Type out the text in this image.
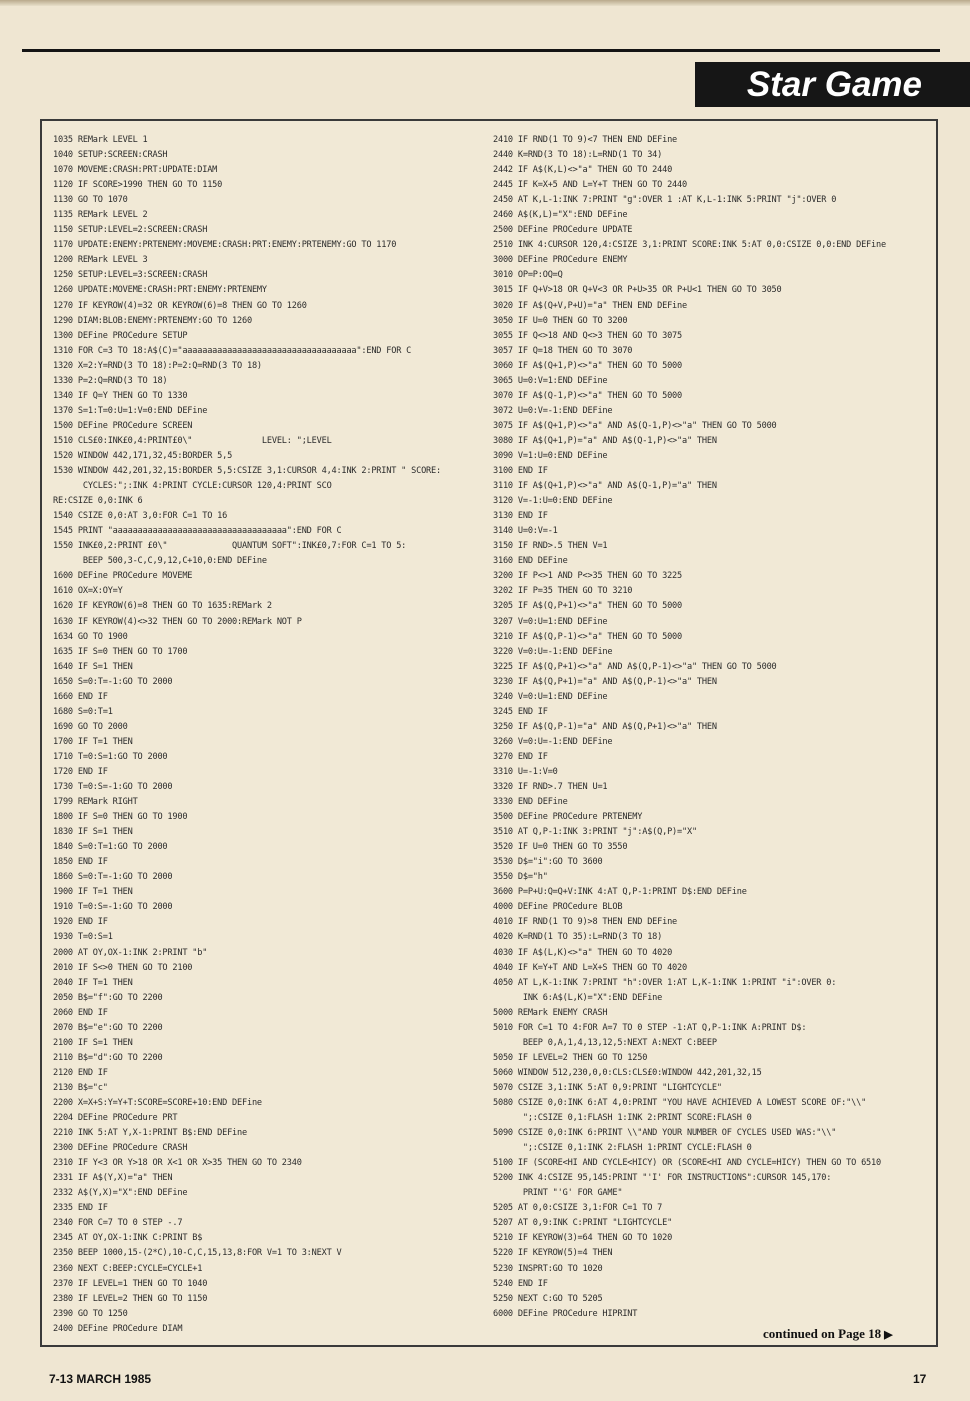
Star Game
1035 REMark LEVEL 1
1040 SETUP:SCREEN:CRASH
1070 MOVEME:CRASH:PRT:UPDATE:DIAM
1120 IF SCORE>1990 THEN GO TO 1150
1130 GO TO 1070
1135 REMark LEVEL 2
1150 SETUP:LEVEL=2:SCREEN:CRASH
1170 UPDATE:ENEMY:PRTENEMY:MOVEME:CRASH:PRT:ENEMY:PRTENEMY:GO TO 1170
1200 REMark LEVEL 3
1250 SETUP:LEVEL=3:SCREEN:CRASH
1260 UPDATE:MOVEME:CRASH:PRT:ENEMY:PRTENEMY
1270 IF KEYROW(4)=32 OR KEYROW(6)=8 THEN GO TO 1260
1290 DIAM:BLOB:ENEMY:PRTENEMY:GO TO 1260
1300 DEFine PROCedure SETUP
1310 FOR C=3 TO 18:A$(C)="aaaaaaaaaaaaaaaaaaaaaaaaaaaaaaaaaaa":END FOR C
1320 X=2:Y=RND(3 TO 18):P=2:Q=RND(3 TO 18)
1330 P=2:Q=RND(3 TO 18)
1340 IF Q=Y THEN GO TO 1330
1370 S=1:T=0:U=1:V=0:END DEFine
1500 DEFine PROCedure SCREEN
1510 CLS£0:INK£0,4:PRINT£0\"              LEVEL: ";LEVEL
1520 WINDOW 442,171,32,45:BORDER 5,5
1530 WINDOW 442,201,32,15:BORDER 5,5:CSIZE 3,1:CURSOR 4,4:INK 2:PRINT " SCORE:
CYCLES:";:INK 4:PRINT CYCLE:CURSOR 120,4:PRINT SCO
RE:CSIZE 0,0:INK 6
1540 CSIZE 0,0:AT 3,0:FOR C=1 TO 16
1545 PRINT "aaaaaaaaaaaaaaaaaaaaaaaaaaaaaaaaaaa":END FOR C
1550 INK£0,2:PRINT £0\"             QUANTUM SOFT":INK£0,7:FOR C=1 TO 5:
BEEP 500,3-C,C,9,12,C+10,0:END DEFine
1600 DEFine PROCedure MOVEME
1610 OX=X:OY=Y
1620 IF KEYROW(6)=8 THEN GO TO 1635:REMark 2
1630 IF KEYROW(4)<>32 THEN GO TO 2000:REMark NOT P
1634 GO TO 1900
1635 IF S=0 THEN GO TO 1700
1640 IF S=1 THEN
1650 S=0:T=-1:GO TO 2000
1660 END IF
1680 S=0:T=1
1690 GO TO 2000
1700 IF T=1 THEN
1710 T=0:S=1:GO TO 2000
1720 END IF
1730 T=0:S=-1:GO TO 2000
1799 REMark RIGHT
1800 IF S=0 THEN GO TO 1900
1830 IF S=1 THEN
1840 S=0:T=1:GO TO 2000
1850 END IF
1860 S=0:T=-1:GO TO 2000
1900 IF T=1 THEN
1910 T=0:S=-1:GO TO 2000
1920 END IF
1930 T=0:S=1
2000 AT OY,OX-1:INK 2:PRINT "b"
2010 IF S<>0 THEN GO TO 2100
2040 IF T=1 THEN
2050 B$="f":GO TO 2200
2060 END IF
2070 B$="e":GO TO 2200
2100 IF S=1 THEN
2110 B$="d":GO TO 2200
2120 END IF
2130 B$="c"
2200 X=X+S:Y=Y+T:SCORE=SCORE+10:END DEFine
2204 DEFine PROCedure PRT
2210 INK 5:AT Y,X-1:PRINT B$:END DEFine
2300 DEFine PROCedure CRASH
2310 IF Y<3 OR Y>18 OR X<1 OR X>35 THEN GO TO 2340
2331 IF A$(Y,X)="a" THEN
2332 A$(Y,X)="X":END DEFine
2335 END IF
2340 FOR C=7 TO 0 STEP -.7
2345 AT OY,OX-1:INK C:PRINT B$
2350 BEEP 1000,15-(2*C),10-C,C,15,13,8:FOR V=1 TO 3:NEXT V
2360 NEXT C:BEEP:CYCLE=CYCLE+1
2370 IF LEVEL=1 THEN GO TO 1040
2380 IF LEVEL=2 THEN GO TO 1150
2390 GO TO 1250
2400 DEFine PROCedure DIAM
2410 IF RND(1 TO 9)<7 THEN END DEFine
2440 K=RND(3 TO 18):L=RND(1 TO 34)
2442 IF A$(K,L)<>"a" THEN GO TO 2440
2445 IF K=X+5 AND L=Y+T THEN GO TO 2440
2450 AT K,L-1:INK 7:PRINT "g":OVER 1 :AT K,L-1:INK 5:PRINT "j":OVER 0
2460 A$(K,L)="X":END DEFine
2500 DEFine PROCedure UPDATE
2510 INK 4:CURSOR 120,4:CSIZE 3,1:PRINT SCORE:INK 5:AT 0,0:CSIZE 0,0:END DEFine
3000 DEFine PROCedure ENEMY
3010 OP=P:OQ=Q
3015 IF Q+V>18 OR Q+V<3 OR P+U>35 OR P+U<1 THEN GO TO 3050
3020 IF A$(Q+V,P+U)="a" THEN END DEFine
3050 IF U=0 THEN GO TO 3200
3055 IF Q<>18 AND Q<>3 THEN GO TO 3075
3057 IF Q=18 THEN GO TO 3070
3060 IF A$(Q+1,P)<>"a" THEN GO TO 5000
3065 U=0:V=1:END DEFine
3070 IF A$(Q-1,P)<>"a" THEN GO TO 5000
3072 U=0:V=-1:END DEFine
3075 IF A$(Q+1,P)<>"a" AND A$(Q-1,P)<>"a" THEN GO TO 5000
3080 IF A$(Q+1,P)="a" AND A$(Q-1,P)<>"a" THEN
3090 V=1:U=0:END DEFine
3100 END IF
3110 IF A$(Q+1,P)<>"a" AND A$(Q-1,P)="a" THEN
3120 V=-1:U=0:END DEFine
3130 END IF
3140 U=0:V=-1
3150 IF RND>.5 THEN V=1
3160 END DEFine
3200 IF P<>1 AND P<>35 THEN GO TO 3225
3202 IF P=35 THEN GO TO 3210
3205 IF A$(Q,P+1)<>"a" THEN GO TO 5000
3207 V=0:U=1:END DEFine
3210 IF A$(Q,P-1)<>"a" THEN GO TO 5000
3220 V=0:U=-1:END DEFine
3225 IF A$(Q,P+1)<>"a" AND A$(Q,P-1)<>"a" THEN GO TO 5000
3230 IF A$(Q,P+1)="a" AND A$(Q,P-1)<>"a" THEN
3240 V=0:U=1:END DEFine
3245 END IF
3250 IF A$(Q,P-1)="a" AND A$(Q,P+1)<>"a" THEN
3260 V=0:U=-1:END DEFine
3270 END IF
3310 U=-1:V=0
3320 IF RND>.7 THEN U=1
3330 END DEFine
3500 DEFine PROCedure PRTENEMY
3510 AT Q,P-1:INK 3:PRINT "j":A$(Q,P)="X"
3520 IF U=0 THEN GO TO 3550
3530 D$="i":GO TO 3600
3550 D$="h"
3600 P=P+U:Q=Q+V:INK 4:AT Q,P-1:PRINT D$:END DEFine
4000 DEFine PROCedure BLOB
4010 IF RND(1 TO 9)>8 THEN END DEFine
4020 K=RND(1 TO 35):L=RND(3 TO 18)
4030 IF A$(L,K)<>"a" THEN GO TO 4020
4040 IF K=Y+T AND L=X+S THEN GO TO 4020
4050 AT L,K-1:INK 7:PRINT "h":OVER 1:AT L,K-1:INK 1:PRINT "i":OVER 0:
INK 6:A$(L,K)="X":END DEFine
5000 REMark ENEMY CRASH
5010 FOR C=1 TO 4:FOR A=7 TO 0 STEP -1:AT Q,P-1:INK A:PRINT D$:
BEEP 0,A,1,4,13,12,5:NEXT A:NEXT C:BEEP
5050 IF LEVEL=2 THEN GO TO 1250
5060 WINDOW 512,230,0,0:CLS:CLS£0:WINDOW 442,201,32,15
5070 CSIZE 3,1:INK 5:AT 0,9:PRINT "LIGHTCYCLE"
5080 CSIZE 0,0:INK 6:AT 4,0:PRINT "YOU HAVE ACHIEVED A LOWEST SCORE OF:"\\"
";:CSIZE 0,1:FLASH 1:INK 2:PRINT SCORE:FLASH 0
5090 CSIZE 0,0:INK 6:PRINT \\"AND YOUR NUMBER OF CYCLES USED WAS:"\\"
";:CSIZE 0,1:INK 2:FLASH 1:PRINT CYCLE:FLASH 0
5100 IF (SCORE<HI AND CYCLE<HICY) OR (SCORE<HI AND CYCLE=HICY) THEN GO TO 6510
5200 INK 4:CSIZE 95,145:PRINT "'I' FOR INSTRUCTIONS":CURSOR 145,170:
PRINT "'G' FOR GAME"
5205 AT 0,0:CSIZE 3,1:FOR C=1 TO 7
5207 AT 0,9:INK C:PRINT "LIGHTCYCLE"
5210 IF KEYROW(3)=64 THEN GO TO 1020
5220 IF KEYROW(5)=4 THEN
5230 INSPRT:GO TO 1020
5240 END IF
5250 NEXT C:GO TO 5205
6000 DEFine PROCedure HIPRINT
continued on Page 18 ▶
7-13 MARCH 1985	17
